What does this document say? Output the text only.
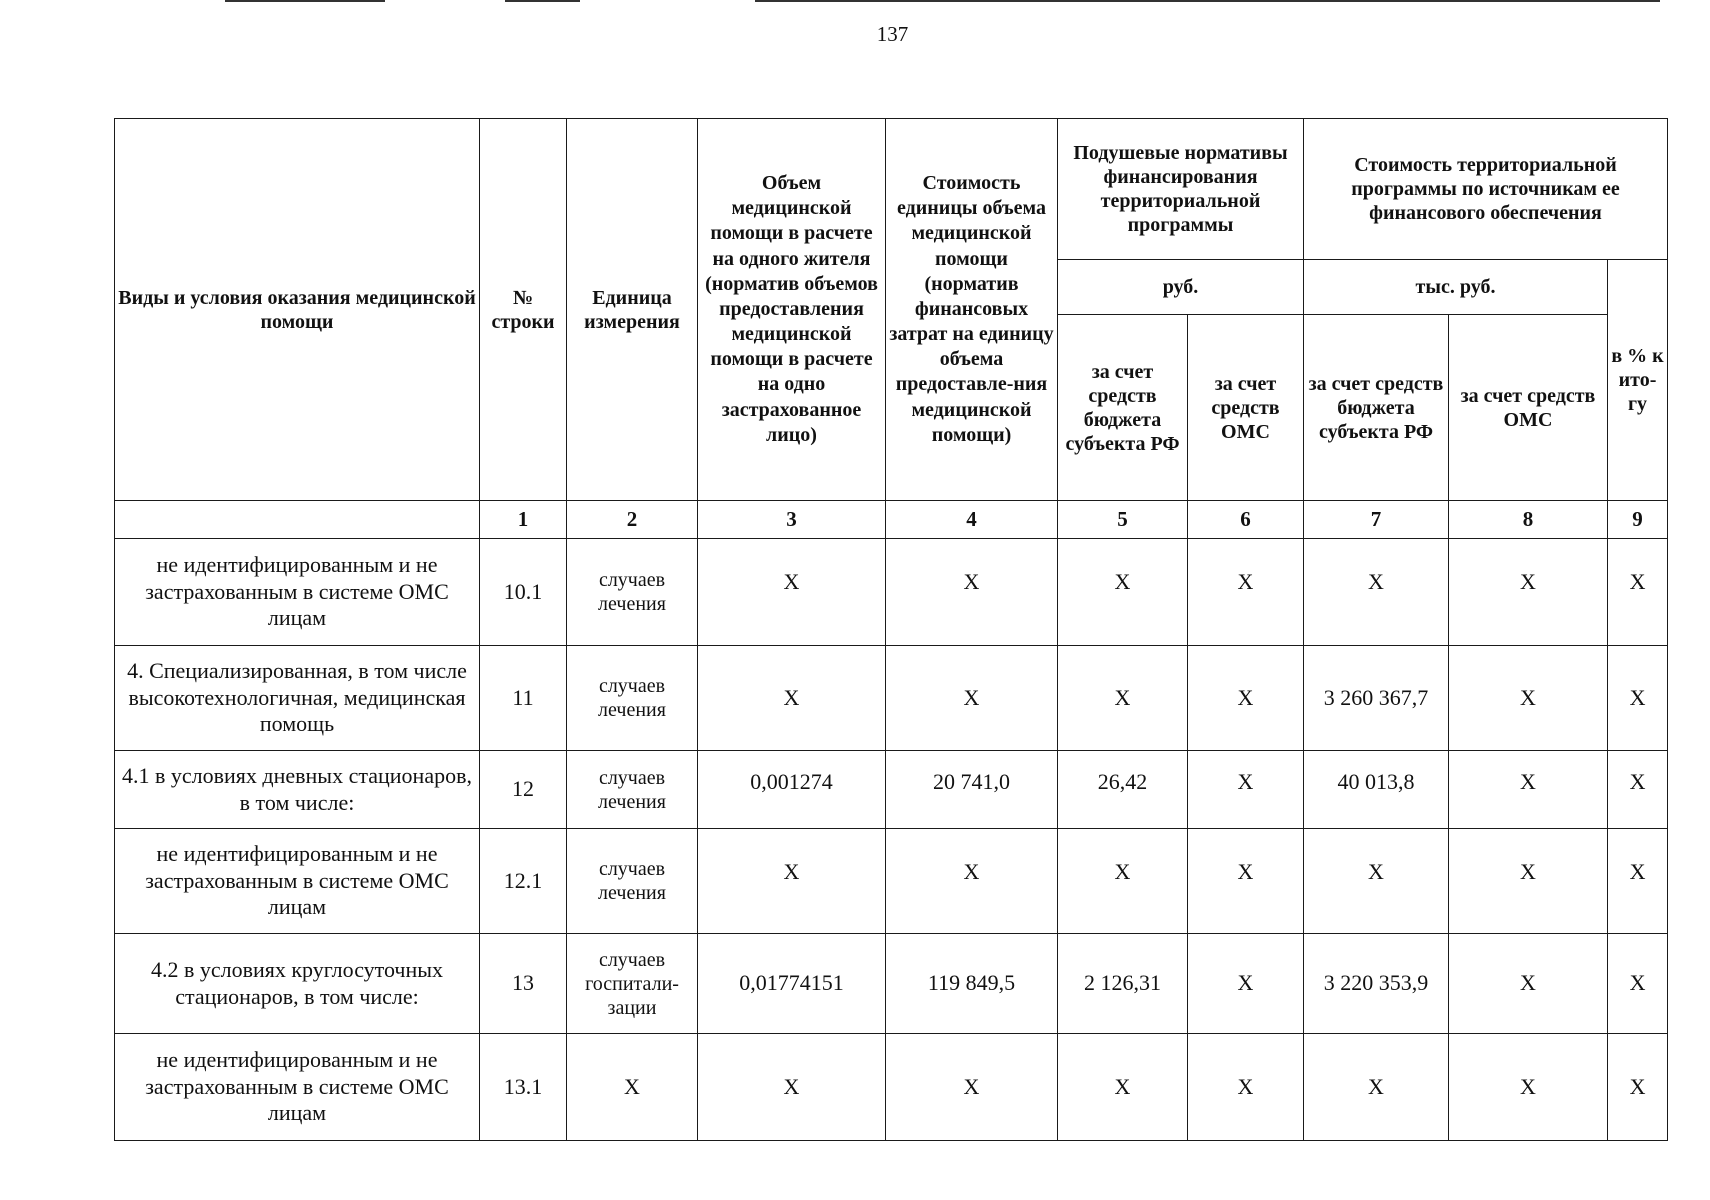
137
Виды и условия оказания медицинской помощи	№ строки	Единица измерения	Объем медицинской помощи в расчете на одного жителя (норматив объемов предоставления медицинской помощи в расчете на одно застрахованное лицо)	Стоимость единицы объема медицинской помощи (норматив финансовых затрат на единицу объема предоставле-ния медицинской помощи)	Подушевые нормативы финансирования территориальной программы		Стоимость территориальной программы по источникам ее финансового обеспечения		
					руб.		тыс. руб.		в % к ито-гу
					за счет средств бюджета субъекта РФ	за счет средств ОМС	за счет средств бюджета субъекта РФ	за счет средств ОМС	
	1	2	3	4	5	6	7	8	9
не идентифицированным и не застрахованным в системе ОМС лицам	10.1	случаев лечения	X	X	X	X	X	X	X
4. Специализированная, в том числе высокотехнологичная, медицинская помощь	11	случаев лечения	X	X	X	X	3 260 367,7	X	X
4.1 в условиях дневных стационаров, в том числе:	12	случаев лечения	0,001274	20 741,0	26,42	X	40 013,8	X	X
не идентифицированным и не застрахованным в системе ОМС лицам	12.1	случаев лечения	X	X	X	X	X	X	X
4.2 в условиях круглосуточных стационаров, в том числе:	13	случаев госпитали-зации	0,01774151	119 849,5	2 126,31	X	3 220 353,9	X	X
не идентифицированным и не застрахованным в системе ОМС лицам	13.1	X	X	X	X	X	X	X	X
